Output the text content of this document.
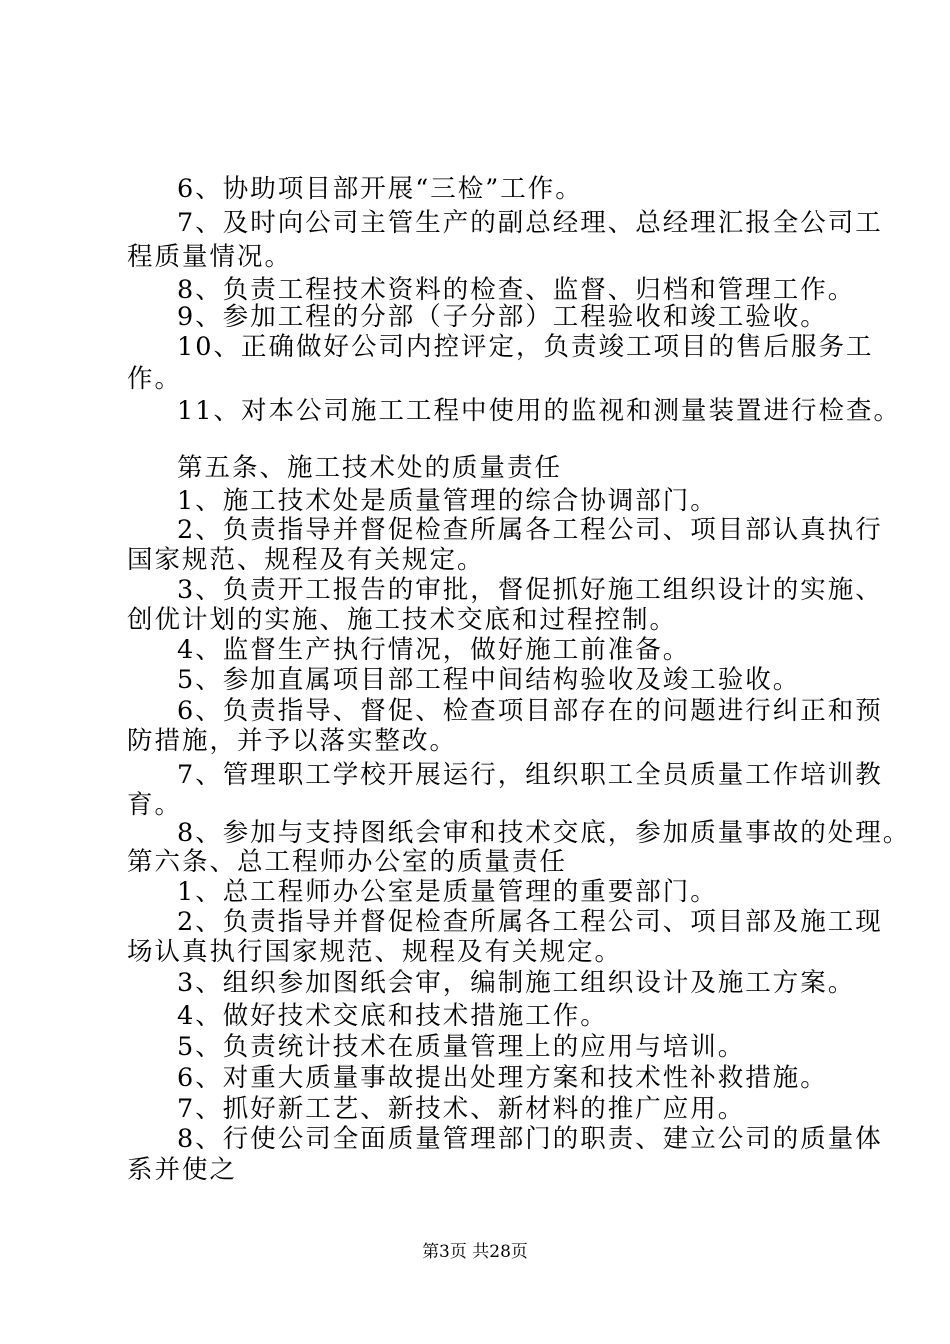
6、协助项目部开展“三检”工作。
7、及时向公司主管生产的副总经理、总经理汇报全公司工
程质量情况。
8、负责工程技术资料的检查、监督、归档和管理工作。
9、参加工程的分部（子分部）工程验收和竣工验收。
10、正确做好公司内控评定，负责竣工项目的售后服务工
作。
11、对本公司施工工程中使用的监视和测量装置进行检查。
第五条、施工技术处的质量责任
1、施工技术处是质量管理的综合协调部门。
2、负责指导并督促检查所属各工程公司、项目部认真执行
国家规范、规程及有关规定。
3、负责开工报告的审批，督促抓好施工组织设计的实施、
创优计划的实施、施工技术交底和过程控制。
4、监督生产执行情况，做好施工前准备。
5、参加直属项目部工程中间结构验收及竣工验收。
6、负责指导、督促、检查项目部存在的问题进行纠正和预
防措施，并予以落实整改。
7、管理职工学校开展运行，组织职工全员质量工作培训教
育。
8、参加与支持图纸会审和技术交底，参加质量事故的处理。
第六条、总工程师办公室的质量责任
1、总工程师办公室是质量管理的重要部门。
2、负责指导并督促检查所属各工程公司、项目部及施工现
场认真执行国家规范、规程及有关规定。
3、组织参加图纸会审，编制施工组织设计及施工方案。
4、做好技术交底和技术措施工作。
5、负责统计技术在质量管理上的应用与培训。
6、对重大质量事故提出处理方案和技术性补救措施。
7、抓好新工艺、新技术、新材料的推广应用。
8、行使公司全面质量管理部门的职责、建立公司的质量体
系并使之
第3页 共28页
